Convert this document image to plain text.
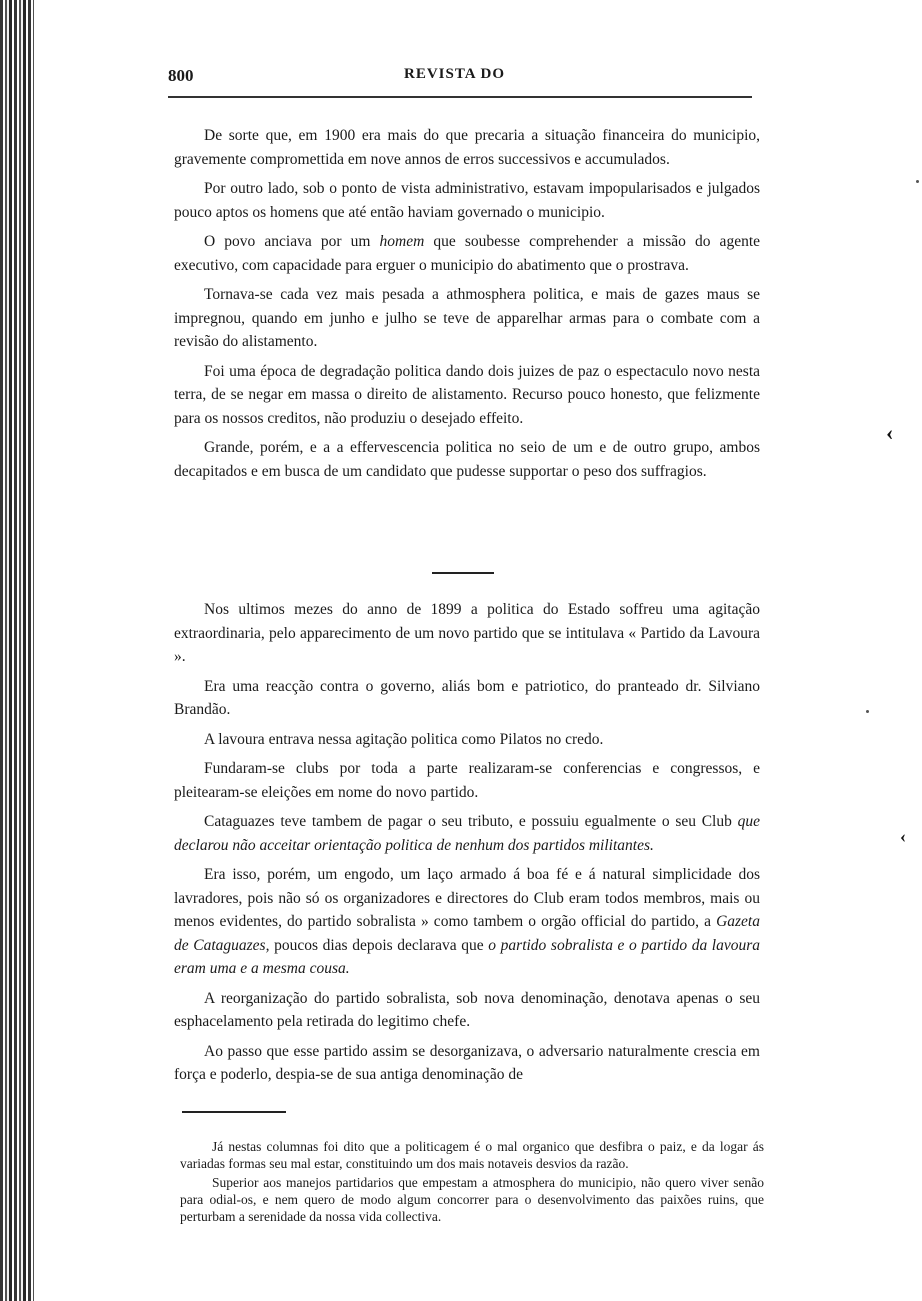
800	REVISTA DO

De sorte que, em 1900 era mais do que precaria a situação financeira do municipio, gravemente compromettida em nove annos de erros successivos e accumulados.

Por outro lado, sob o ponto de vista administrativo, estavam impopularisados e julgados pouco aptos os homens que até então haviam governado o municipio.

O povo anciava por um homem que soubesse comprehender a missão do agente executivo, com capacidade para erguer o municipio do abatimento que o prostrava.

Tornava-se cada vez mais pesada a athmosphera politica, e mais de gazes maus se impregnou, quando em junho e julho se teve de apparelhar armas para o combate com a revisão do alistamento.

Foi uma época de degradação politica dando dois juizes de paz o espectaculo novo nesta terra, de se negar em massa o direito de alistamento. Recurso pouco honesto, que felizmente para os nossos creditos, não produziu o desejado effeito.

Grande, porém, e a a effervescencia politica no seio de um e de outro grupo, ambos decapitados e em busca de um candidato que pudesse supportar o peso dos suffragios.

Nos ultimos mezes do anno de 1899 a politica do Estado soffreu uma agitação extraordinaria, pelo apparecimento de um novo partido que se intitulava « Partido da Lavoura ».

Era uma reacção contra o governo, aliás bom e patriotico, do pranteado dr. Silviano Brandão.

A lavoura entrava nessa agitação politica como Pilatos no credo.

Fundaram-se clubs por toda a parte realizaram-se conferencias e congressos, e pleitearam-se eleições em nome do novo partido.

Cataguazes teve tambem de pagar o seu tributo, e possuiu egualmente o seu Club que declarou não acceitar orientação politica de nenhum dos partidos militantes.

Era isso, porém, um engodo, um laço armado á boa fé e á natural simplicidade dos lavradores, pois não só os organizadores e directores do Club eram todos membros, mais ou menos evidentes, do partido sobralista » como tambem o orgão official do partido, a Gazeta de Cataguazes, poucos dias depois declarava que o partido sobralista e o partido da lavoura eram uma e a mesma cousa.

A reorganização do partido sobralista, sob nova denominação, denotava apenas o seu esphacelamento pela retirada do legitimo chefe.

Ao passo que esse partido assim se desorganizava, o adversario naturalmente crescia em força e poderlo, despia-se de sua antiga denominação de

Já nestas columnas foi dito que a politicagem é o mal organico que desfibra o paiz, e da logar ás variadas formas seu mal estar, constituindo um dos mais notaveis desvios da razão.

Superior aos manejos partidarios que empestam a atmosphera do municipio, não quero viver senão para odial-os, e nem quero de modo algum concorrer para o desenvolvimento das paixões ruins, que perturbam a serenidade da nossa vida collectiva.

‹
‹
